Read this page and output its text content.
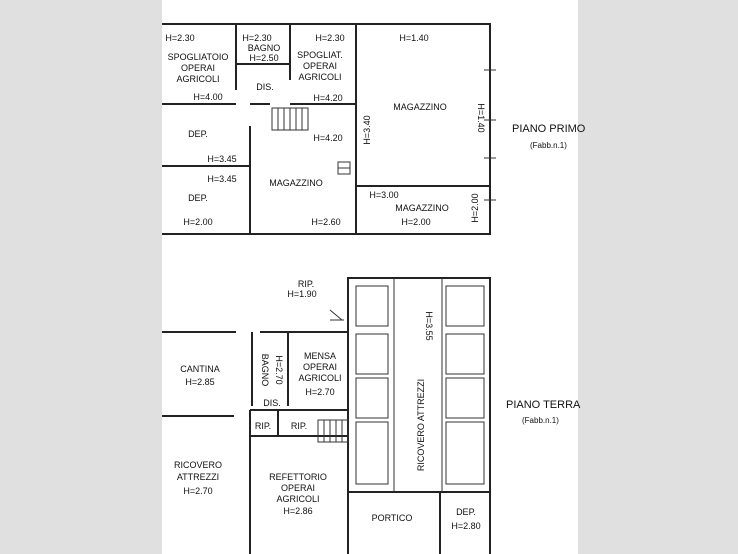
H=2.30
SPOGLIATOIO
OPERAI
AGRICOLI
H=2.30
BAGNO
H=2.50
H=2.30
SPOGLIAT.
OPERAI
AGRICOLI
H=1.40
DIS.
H=4.00	H=4.20
MAGAZZINO
H=3.40	H=1.40
DEP.	H=4.20
H=3.45
H=3.45	MAGAZZINO
DEP.	H=3.00
MAGAZZINO H=2.00
H=2.00	H=2.60	H=2.00
PIANO PRIMO
(Fabb.n.1)
RIP.
H=1.90
H=3.55
CANTINA
H=2.85	BAGNO H=2.70 MENSA
OPERAI
AGRICOLI
H=2.70	RICOVERO ATTREZZI
DIS.
RIP. RIP.
RICOVERO
ATTREZZI
H=2.70
REFETTORIO
OPERAI
AGRICOLI
H=2.86
PORTICO
DEP.
H=2.80
PIANO TERRA
(Fabb.n.1)
